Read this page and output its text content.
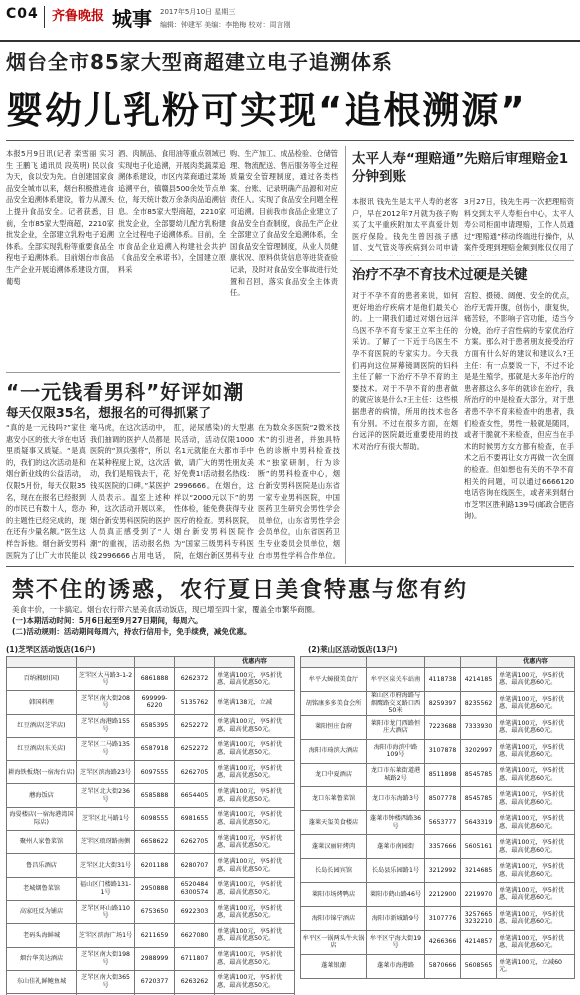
C04 齐鲁晚报 城事 2017年5月10日 星期三
编辑：钟建军 美编：李艳梅 校对：周言刚
烟台全市85家大型商超建立电子追溯体系
婴幼儿乳粉可实现“追根溯源”
本报5月9日讯(记者 栾雪丽 实习生 王鹏飞 通讯员 段英明) 民以食为天，食以安为先。自创建国家食品安全城市以来，烟台积极推进食品安全追溯体系建设，着力从源头上提升食品安全。记者获悉，目前，全市85家大型商超，2210家批发企业，全部建立乳粉电子追溯体系。全部实现乳粉等重要食品全程电子追溯体系。目前烟台市食品生产企业开展追溯体系建设方面，葡萄
酒、肉制品、食用油等重点领域已实现电子化追溯，开展肉类蔬菜追溯体系建设，市区内菜商通过菜场追溯平台，镇赣县500余处节点单位，每天统计数万余条肉品追溯信息。全市85家大型商超，2210家批发企业，全部婴幼儿配方乳粉建立全过程电子追溯体系。目前，全市食品企业追溯入构建社会共护《食品安全承诺书》，全国建立原料采
购、生产加工、成品检验、仓储管理、物流配送、售后服务等全过程质量安全管理制度，通过各类档案、台账、记录明确产品源和对应责任人。实现了食品安全问题全程可追溯。目前我市食品企业建立了食品安全自查制度，食品生产企业全部建立了食品安全追溯体系，全国食品安全管理制度，从业人员健康状况、原料供货信息等进货查验记录，及时对食品安全事故进行处置和召回，落实食品安全主体责任。
太平人寿“理赔通”先赔后审理赔金1分钟到账
本报讯 钱先生是太平人寿的老客户，早在2012年7月就为孩子购买了太平重疾附加太平真爱计划医疗保险。钱先生曾因孩子感冒、支气管炎等疾病到公司申请
3月27日，钱先生再一次把理赔资料交到太平人寿柜台中心，太平人寿公司柜面申请理赔，工作人员通过“理赔通”移动终端进行操作，从案件受理到理赔金额到账仅仅用了
治疗不孕不育技术过硬是关键
对于不孕不育的患者来说，如何更好地治疗疾病才是他们最关心的。上一期我们通过对烟台远洋乌医不孕不育专家王立军主任的采访。了解了一下近于乌医生不孕不育医院的专家实力。今天我们再向这位屏幕镜调医院的妇科主任了解一下治疗不孕不育的主要技术。对于不孕不育的患者做的就应该是什么?王主任：这些根据患者的病情，所用的技术也各有分别。不过在很多方面，在烟台远洋的医院最近重要使用的技术对治疗有很大帮助。
宫腔、摄镜、阔便、安全的优点，治疗无需开腹，创伤小，康复快，痛苦轻，不影响子宫功能，适当今分娩，治疗子宫性病的专家优治疗方案。那么对于患者朋友接受治疗方面有什么好的建议和建议么?王主任：有一点要说一下，不过不论是是生殖学，那就是大多年治疗的患者都这么多年的就诊在治疗，我所治疗的中是检查大部分，对于患者患不孕不育来检查中的患者，我们检查女性，男性一般就是随同，或者干脆就不来检查，但应当在手术的时候男方女方都有检查，在手术之后不要再让女方再做一次全面的检查。但如想也有关的不孕不育相关的问题，可以通过6666120电话咨询在线医生，或者来到烟台市芝罘区胜利路139号(邮政合肥咨询)。
“一元钱看男科”好评如潮
每天仅限35名，想报名的可得抓紧了
“真的是一元钱吗?”家住惠安小区的张大爷在电话里质疑事又质疑。“是真的，我们的这次活动是和烟台新业线的公益活动，仅限5月份，每天仅限35名，现在在报名已经报到的市民已有数十人，您办的主题性已经完成的，现在还有少量名额。”医生这样告诉他。烟台新安男科医院为了让广大市民能以
毫马虎，在这次活动中，我们抽调的医护人员都是医院的“顶兵强将”，所以在某种程度上说，这次活动，我们是赔钱去干，花钱买医院的口碑。”某医护人员表示。温室上述种种，这次活动开展以来，烟台新安男科医院的医护人员真正感受到了“人潮”的重视，活动报名热线2996666占用电话，
肛，泌尿感染)的大型惠民活动，活动仅限1000名1元就能在大都市手中做，请广大的男性朋友美好免费1!活动报名热线：2996666。在烟台，这样以“2000元以下”的男性体检，能免费获得专业医疗的检查。男科医院，烟台新安男科医院作为“国家三级男科专科医院，在烟台新区男科专业
在为数众多医院“2微米技术”的引进者，并独具特色的诊断中男科检查技术“独家研制，行为诊断”的男科检查中心，烟台新安男科医院是山东省一家专业男科医院，中国医药卫生研究会男性学会员单位，山东省男性学会会员单位，山东省医药卫生专业委员会员单位，烟台市男性学科合作单位。
禁不住的诱惑，农行夏日美食特惠与您有约
美食丰价，一卡搞定。烟台农行带六星美食活动饭店，现已增至四十家，覆盖全市繁华商圈。
(一)本期活动时间：5月6日起至9月27日期间，每周六。
(二)活动规则：活动期间每周六，持农行信用卡，免手续费，减免优惠。
(1)芝罘区活动饭店(16户)	(2)莱山区活动饭店(13户)
				优惠内容
百纳湘厨(国)	芝罘区大马路3-1-2号	6861888	6262372	单笔满100元，享5折优惠，最高优惠50元。
韩国料理	芝罘区南大街208号	699999-6220	5135762	单笔满138元，立减
红豆酒店(芝罘店)	芝罘区海港路155号	6585395	6252272	单笔满100元，享5折优惠，最高优惠50元。
红豆酒店(东关店)	芝罘区二马路135号	6587918	6252272	单笔满100元，享5折优惠，最高优惠50元。
耕海铁板烧(一宿海台店)	芝罘区滨海路23号	6097555	6262705	单笔满100元，享5折优惠，最高优惠50元。
蘑海饭店	芝罘区北大街236号	6585888	6654405	单笔满100元，享5折优惠，最高优惠50元。
海晏楼店(一宿海港湾国际店)	芝罘区北马路1号	6098555	6981655	单笔满100元，享5折优惠，最高优惠50元。
聚州人家鲁菜馆	芝罘区琅玡路南侧	6658622	6262705	单笔满100元，享5折优惠，最高优惠50元。
鲁昌乐酒店	芝罘区北大街31号	6201188	6280707	单笔满100元，享5折优惠，最高优惠50元。
老城烟鲁菜馆	福山区门楼路131-1号	2950888	6520484 6300574	单笔满100元，享5折优惠，最高优惠50元。
高家旺反为铺店	芝罘区环山路110号	6753650	6922303	单笔满100元，享5折优惠，最高优惠50元。
老码头海鲜城	芝罘区滨海广场1号	6211659	6627080	单笔满100元，享5折优惠，最高优惠50元。
烟台华美达酒店	芝罘区南大街198号	2988999	6711807	单笔满100元，享5折优惠，最高优惠50元。
东山佳礼鲜鲍鱼城	芝罘区南大街365号	6720377	6263262	单笔满100元，享5折优惠，最高优惠50元。

				优惠内容
牟平大蟑摄美食厅	牟平区泉关车站南	4118738	4214185	单笔满100元，享5折优惠，最高优惠60元。
胡铭康多多美食会所	莱山区市府海路与烟鹰路交叉路口西50米	8259397	8235562	单笔满100元，享5折优惠，最高优惠60元。
莱阳恒庄食府	莱阳市龙门西路恒庄大酒店	7223688	7333930	单笔满100元，享5折优惠，最高优惠60元。
海阳市琦滨大酒店	海阳市海滨中路109号	3107878	3202997	单笔满100元，享5折优惠，最高优惠60元。
龙口中夏酒店	龙口市东莱街道港城路2号	8511898	8545785	单笔满100元，享5折优惠，最高优惠60元。
龙口东莱鲁菜馆	龙口市东海路3号	8507778	8545785	单笔满100元，享5折优惠，最高优惠60元。
蓬莱天玺美食楼店	蓬莱市钟楼西路36号	5653777	5643319	单笔满100元，享5折优惠，最高优惠60元。
蓬莱汉丽轩烤肉	蓬莱市南园街	3357666	5605161	单笔满100元，享5折优惠，最高优惠60元。
长岛长园宾馆	长岛县乐园路1号	3212992	3214685	单笔满100元，享5折优惠，最高优惠60元。
莱阳市场烤鸭店	莱阳市鹤山路46号	2212900	2219970	单笔满100元，享5折优惠，最高优惠60元。
海阳市锦宁酒店	海阳市新城路9号	3107776	3257665 3232210	单笔满100元，享5折优惠，最高优惠60元。
牟平区一锅两头牛火锅店	牟平区宁海大街19号	4266366	4214857	单笔满100元，享5折优惠，最高优惠60元。
蓬莱银潮	蓬莱市海港路	5870666	5608565	单笔满100元，立减60元。
